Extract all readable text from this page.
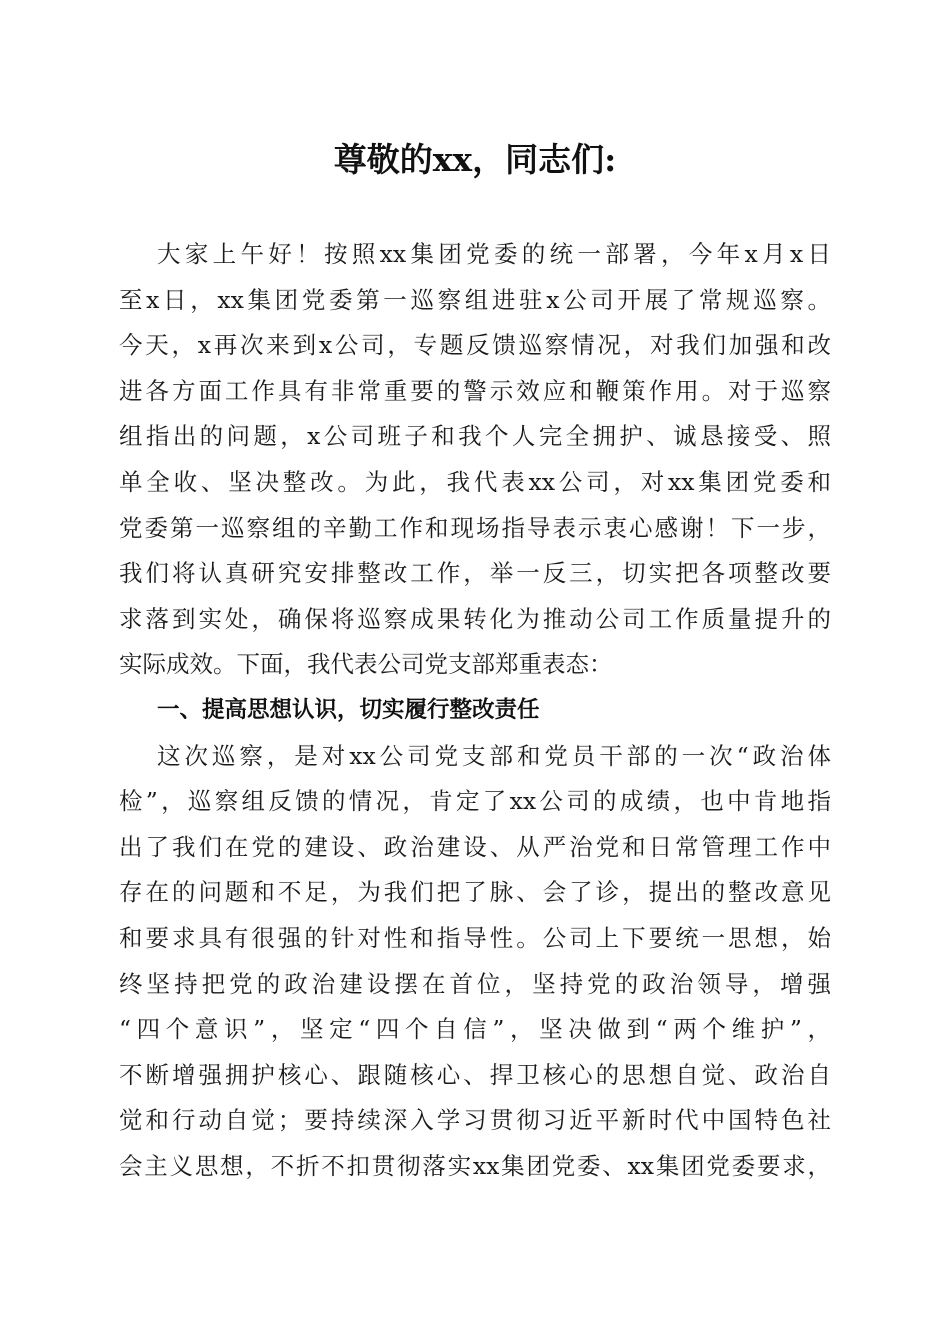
尊敬的xx，同志们:
大家上午好！按照xx集团党委的统一部署，今年x月x日
至x日，xx集团党委第一巡察组进驻x公司开展了常规巡察。
今天，x再次来到x公司，专题反馈巡察情况，对我们加强和改
进各方面工作具有非常重要的警示效应和鞭策作用。对于巡察
组指出的问题，x公司班子和我个人完全拥护、诚恳接受、照
单全收、坚决整改。为此，我代表xx公司，对xx集团党委和
党委第一巡察组的辛勤工作和现场指导表示衷心感谢！下一步，
我们将认真研究安排整改工作，举一反三，切实把各项整改要
求落到实处，确保将巡察成果转化为推动公司工作质量提升的
实际成效。下面，我代表公司党支部郑重表态：
一、提高思想认识，切实履行整改责任
这次巡察，是对xx公司党支部和党员干部的一次“政治体
检”，巡察组反馈的情况，肯定了xx公司的成绩，也中肯地指
出了我们在党的建设、政治建设、从严治党和日常管理工作中
存在的问题和不足，为我们把了脉、会了诊，提出的整改意见
和要求具有很强的针对性和指导性。公司上下要统一思想，始
终坚持把党的政治建设摆在首位，坚持党的政治领导，增强
“四个意识”，坚定“四个自信”，坚决做到“两个维护”，
不断增强拥护核心、跟随核心、捍卫核心的思想自觉、政治自
觉和行动自觉；要持续深入学习贯彻习近平新时代中国特色社
会主义思想，不折不扣贯彻落实xx集团党委、xx集团党委要求，
